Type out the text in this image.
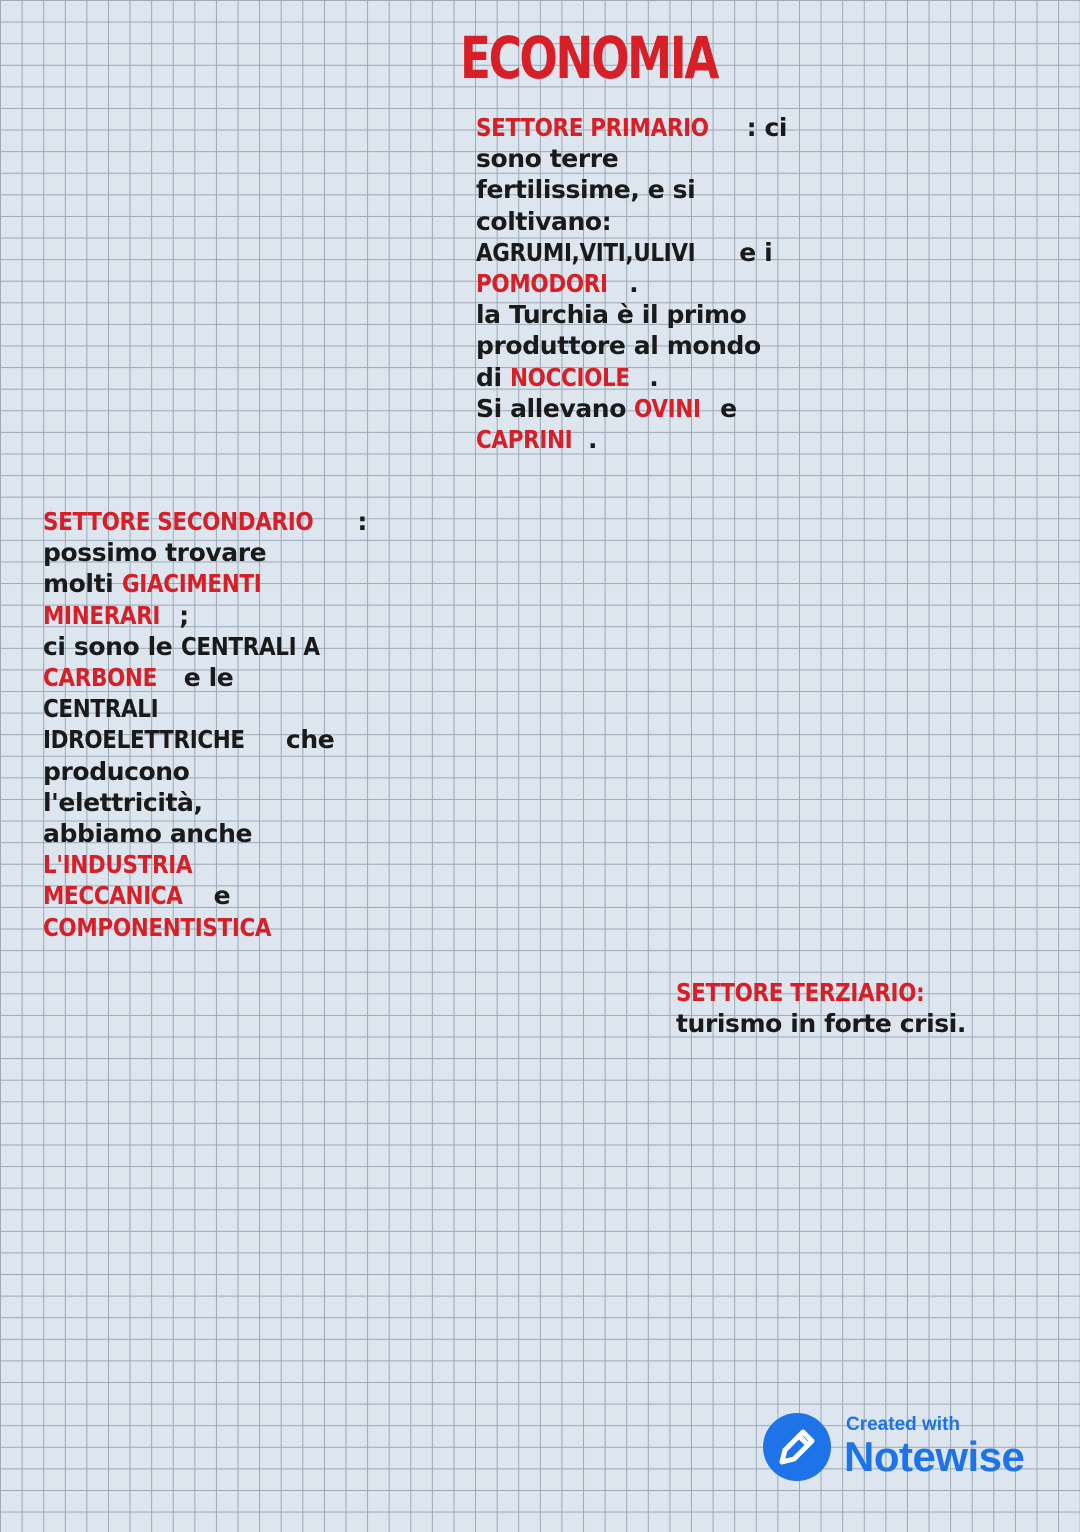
ECONOMIA
SETTORE PRIMARIO : ci
sono terre
fertilissime, e si
coltivano:
AGRUMI,VITI,ULIVI e i
POMODORI .
la Turchia è il primo
produttore al mondo
di NOCCIOLE .
Si allevano OVINI e
CAPRINI .
SETTORE SECONDARIO :
possimo trovare
molti GIACIMENTI
MINERARI ;
ci sono le CENTRALI A
CARBONE e le
CENTRALI
IDROELETTRICHE che
producono
l'elettricità,
abbiamo anche
L'INDUSTRIA
MECCANICA e
COMPONENTISTICA
SETTORE TERZIARIO:
turismo in forte crisi.
Created with
Notewise
